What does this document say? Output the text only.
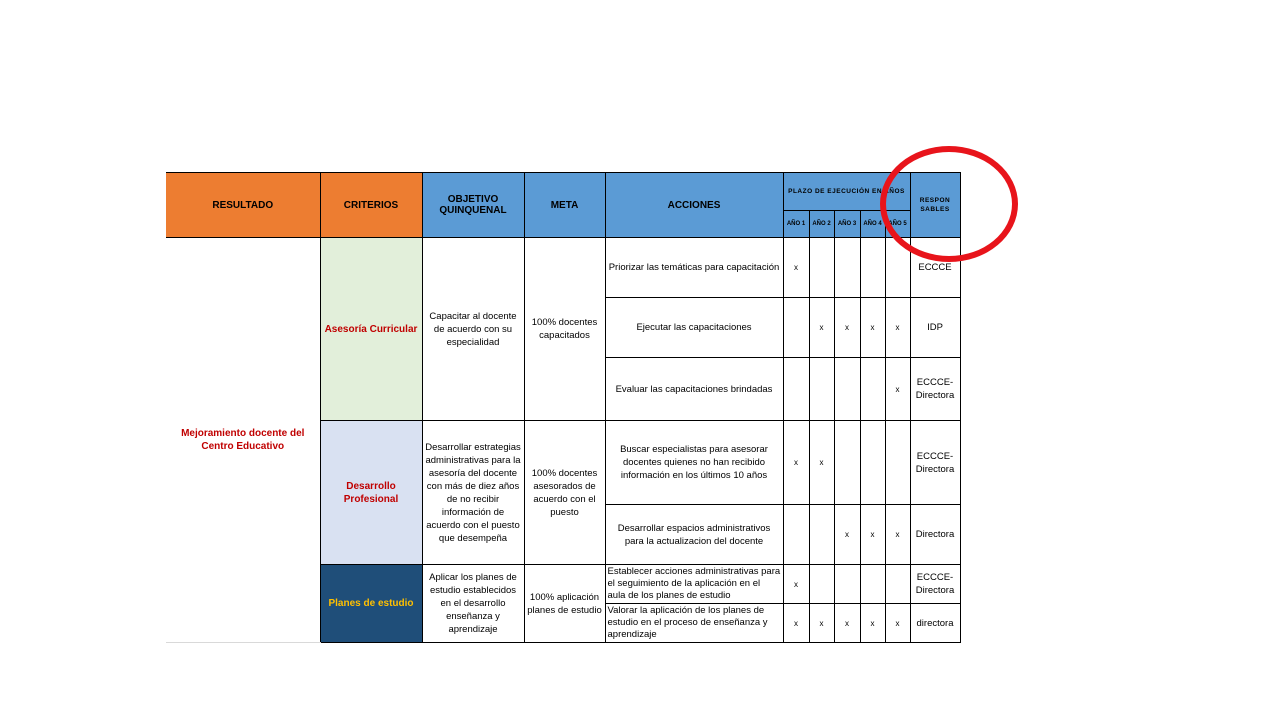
RESULTADO	CRITERIOS	OBJETIVO QUINQUENAL	META	ACCIONES	PLAZO DE EJECUCIÓN EN AÑOS					RESPON SABLES
					AÑO 1	AÑO 2	AÑO 3	AÑO 4	AÑO 5	
Mejoramiento docente del Centro Educativo	Asesoría Curricular	Capacitar al docente de acuerdo con su especialidad	100% docentes capacitados	Priorizar las temáticas para capacitación	x					ECCCE
				Ejecutar las capacitaciones		x	x	x	x	IDP
				Evaluar las capacitaciones brindadas					x	ECCCE- Directora
	Desarrollo Profesional	Desarrollar estrategias administrativas para la asesoría del docente con más de diez años de no recibir información de acuerdo con el puesto que desempeña	100% docentes asesorados de acuerdo con el puesto	Buscar especialistas para asesorar docentes quienes no han recibido información en los últimos 10 años	x	x				ECCCE- Directora
				Desarrollar espacios administrativos para la actualizacion del docente			x	x	x	Directora
	Planes de estudio	Aplicar los planes de estudio establecidos en el desarrollo enseñanza y aprendizaje	100% aplicación planes de estudio	Establecer acciones administrativas para el seguimiento de la aplicación en el aula de los planes de estudio	x					ECCCE- Directora
				Valorar la aplicación de los planes de estudio en el proceso de enseñanza y aprendizaje	x	x	x	x	x	directora
